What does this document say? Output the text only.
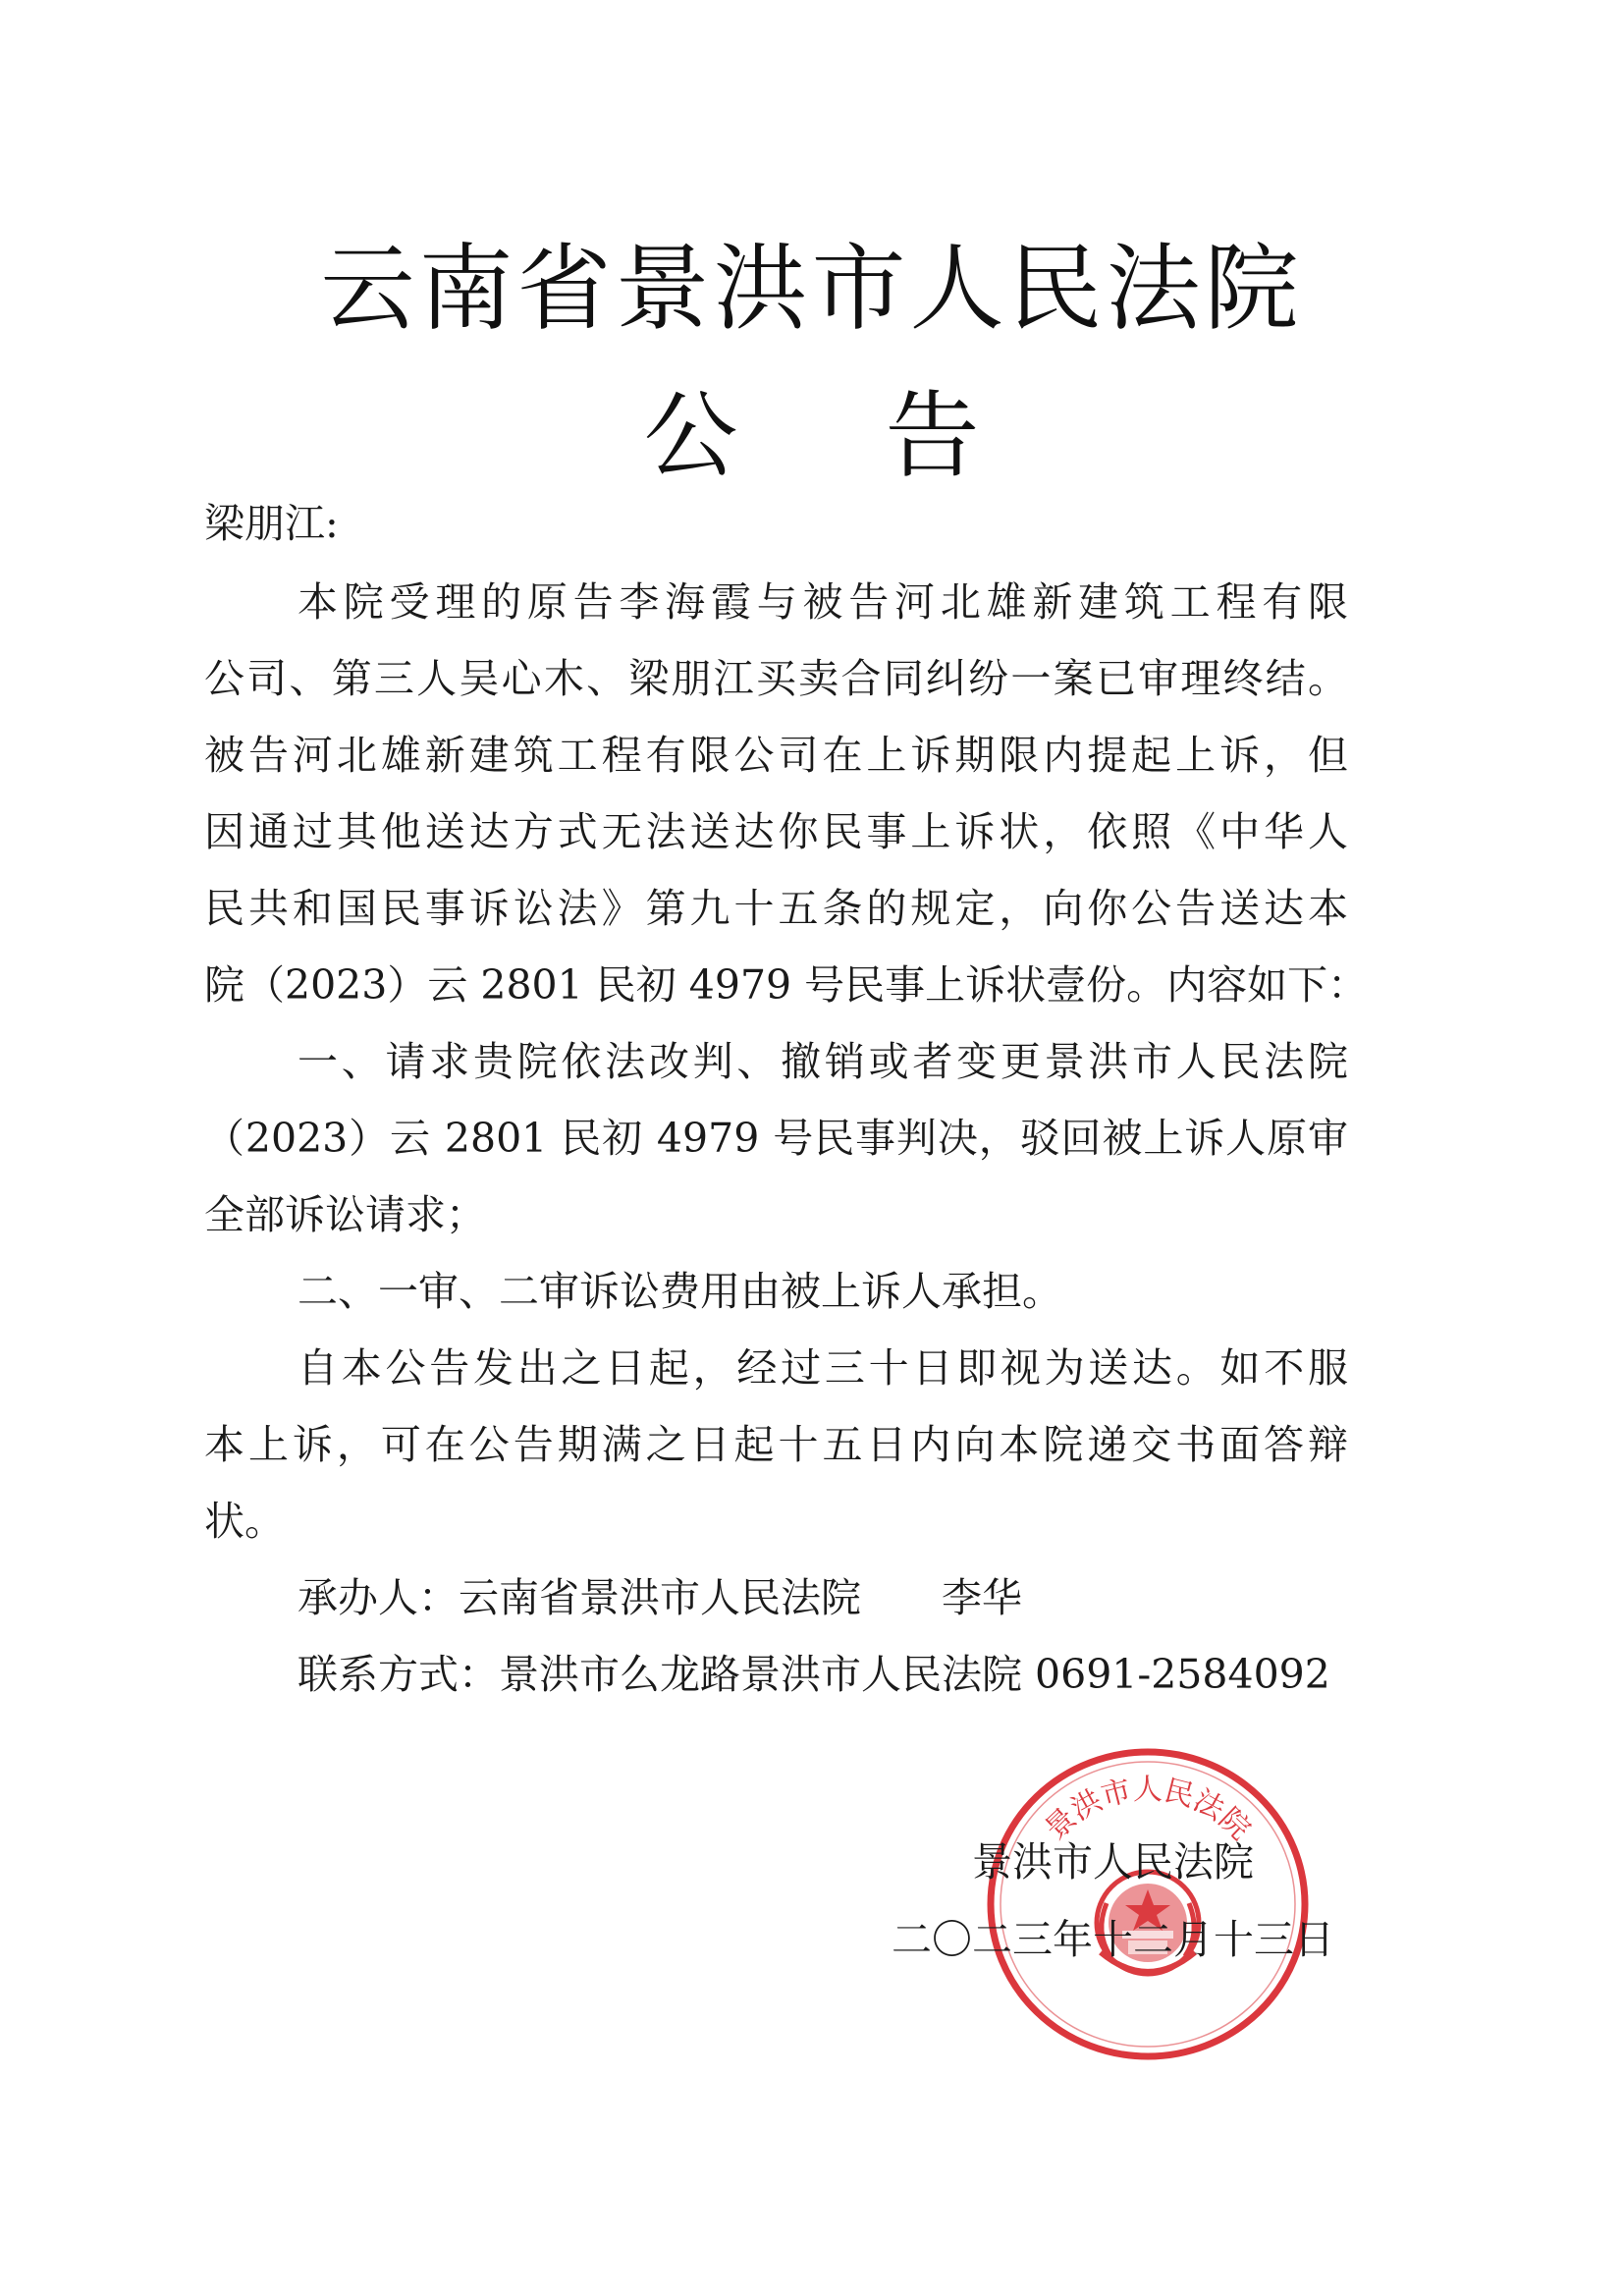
云南省景洪市人民法院
公告
梁朋江:
本院受理的原告李海霞与被告河北雄新建筑工程有限
公司、第三人吴心木、梁朋江买卖合同纠纷一案已审理终结。
被告河北雄新建筑工程有限公司在上诉期限内提起上诉，但
因通过其他送达方式无法送达你民事上诉状，依照《中华人
民共和国民事诉讼法》第九十五条的规定，向你公告送达本
院（2023）云 2801 民初 4979 号民事上诉状壹份。内容如下：
一、请求贵院依法改判、撤销或者变更景洪市人民法院
（2023）云 2801 民初 4979 号民事判决，驳回被上诉人原审
全部诉讼请求；
二、一审、二审诉讼费用由被上诉人承担。
自本公告发出之日起，经过三十日即视为送达。如不服
本上诉，可在公告期满之日起十五日内向本院递交书面答辩
状。
承办人：云南省景洪市人民法院　　李华
联系方式：景洪市么龙路景洪市人民法院 0691-2584092
景洪市人民法院
景洪市人民法院
二〇二三年十二月十三日
